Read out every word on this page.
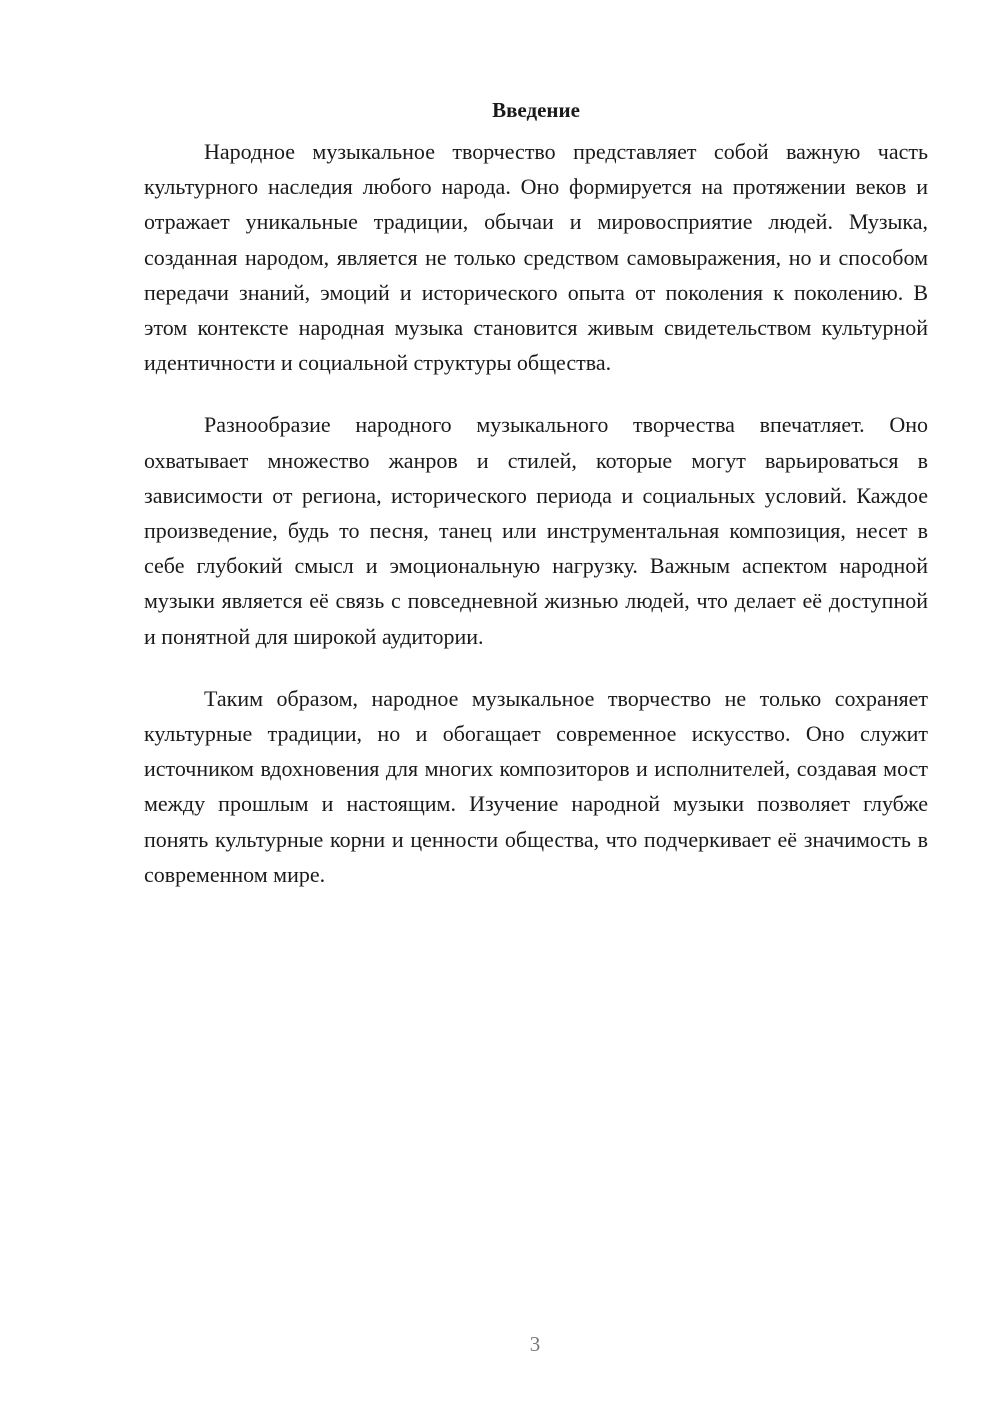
Введение

Народное музыкальное творчество представляет собой важную часть культурного наследия любого народа. Оно формируется на протяжении веков и отражает уникальные традиции, обычаи и мировосприятие людей. Музыка, созданная народом, является не только средством самовыражения, но и способом передачи знаний, эмоций и исторического опыта от поколения к поколению. В этом контексте народная музыка становится живым свидетельством культурной идентичности и социальной структуры общества.

Разнообразие народного музыкального творчества впечатляет. Оно охватывает множество жанров и стилей, которые могут варьироваться в зависимости от региона, исторического периода и социальных условий. Каждое произведение, будь то песня, танец или инструментальная композиция, несет в себе глубокий смысл и эмоциональную нагрузку. Важным аспектом народной музыки является её связь с повседневной жизнью людей, что делает её доступной и понятной для широкой аудитории.

Таким образом, народное музыкальное творчество не только сохраняет культурные традиции, но и обогащает современное искусство. Оно служит источником вдохновения для многих композиторов и исполнителей, создавая мост между прошлым и настоящим. Изучение народной музыки позволяет глубже понять культурные корни и ценности общества, что подчеркивает её значимость в современном мире.

3
